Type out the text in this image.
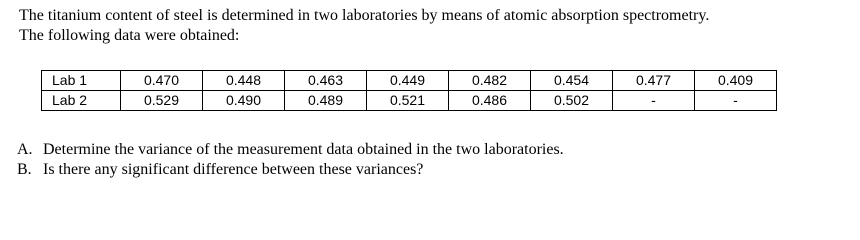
The titanium content of steel is determined in two laboratories by means of atomic absorption spectrometry.

The following data were obtained:

Lab 1	0.470	0.448	0.463	0.449	0.482	0.454	0.477	0.409
Lab 2	0.529	0.490	0.489	0.521	0.486	0.502	-	-
A. Determine the variance of the measurement data obtained in the two laboratories.
B. Is there any significant difference between these variances?
